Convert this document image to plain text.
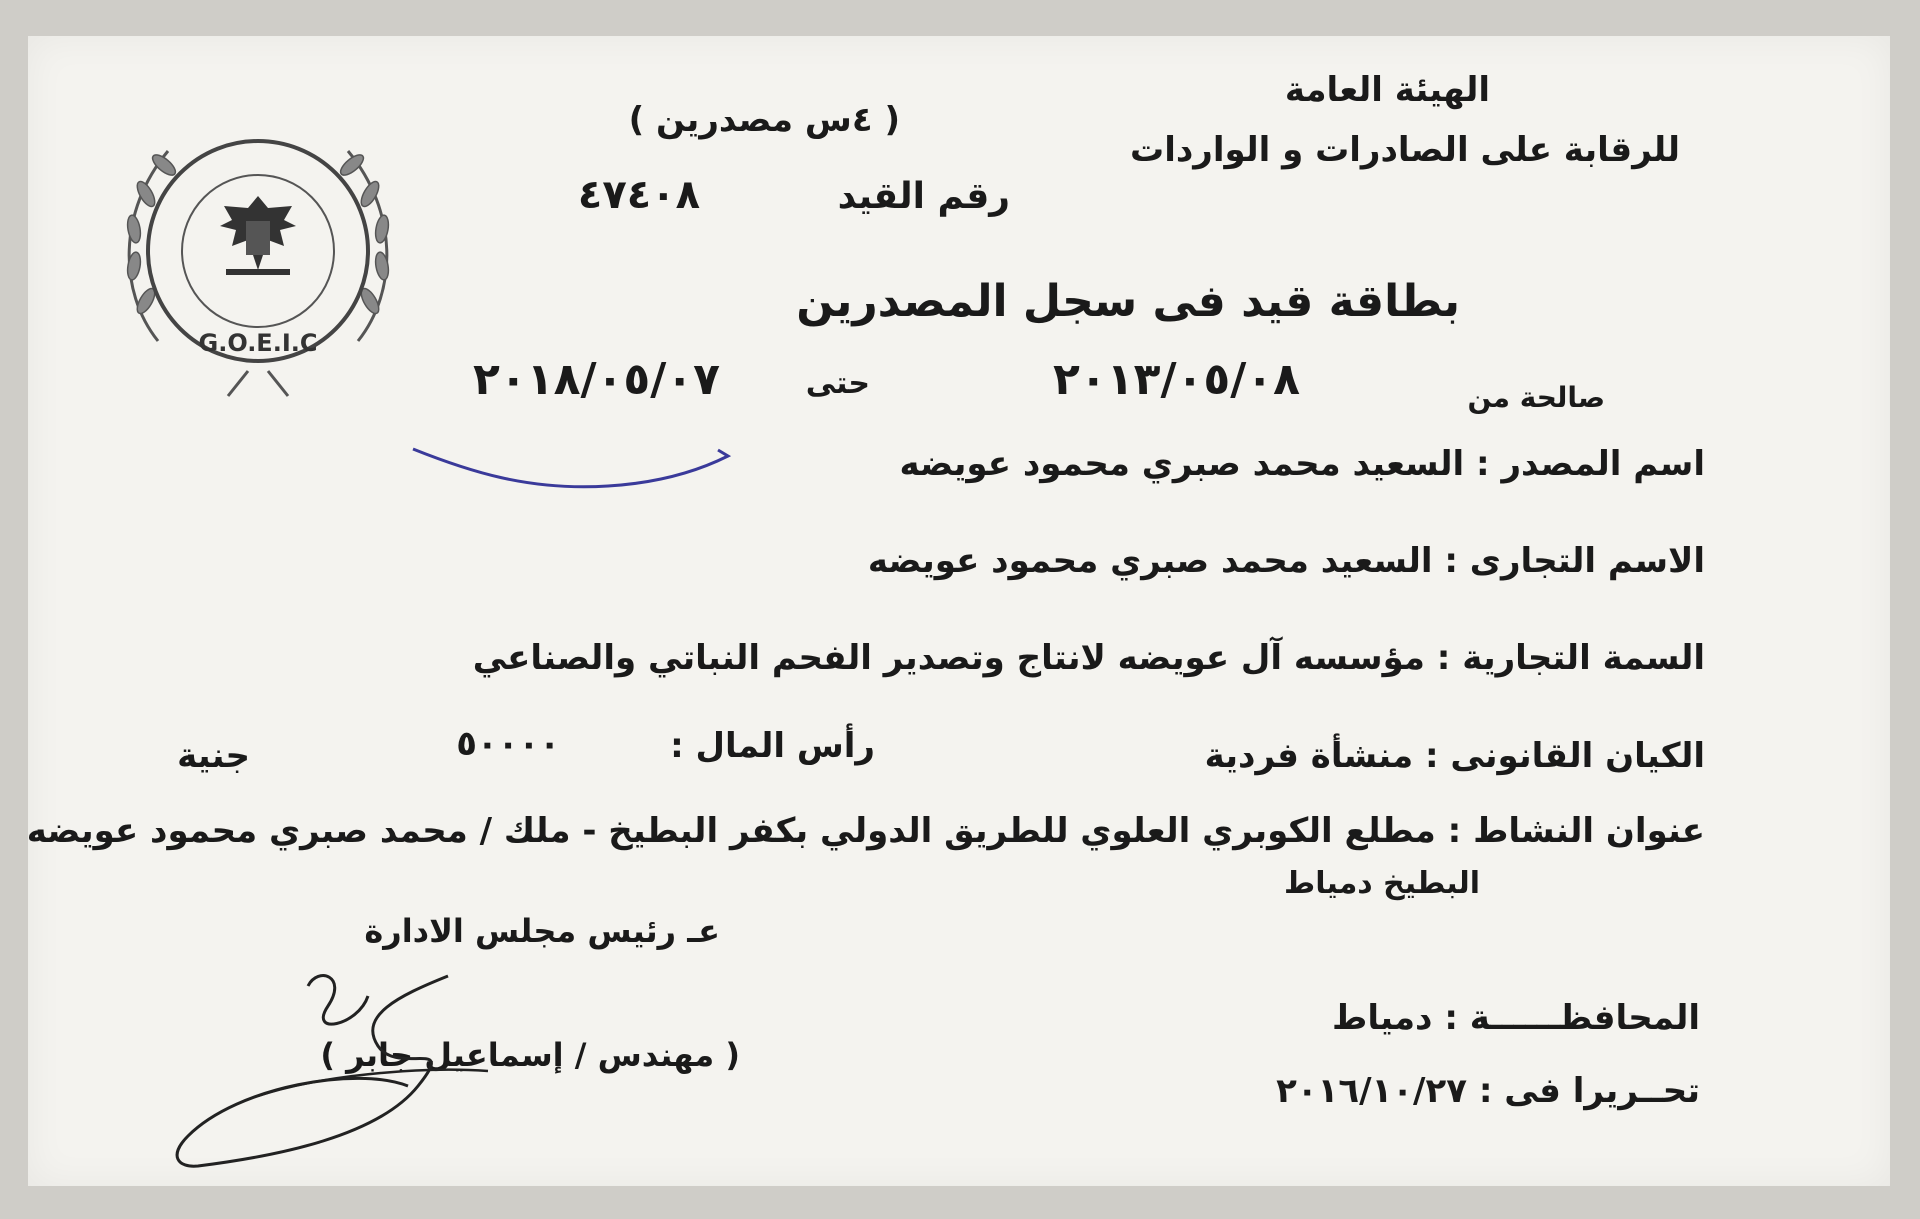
G.O.E.I.C
الهيئة العامة
للرقابة على الصادرات و الواردات
( ٤س مصدرين )
رقم القيد
٤٧٤٠٨
بطاقة قيد فى سجل المصدرين
صالحة من
٢٠١٣/٠٥/٠٨
حتى
٢٠١٨/٠٥/٠٧
اسم المصدر : السعيد محمد صبري محمود عويضه
الاسم التجارى : السعيد محمد صبري محمود عويضه
السمة التجارية : مؤسسه آل عويضه لانتاج وتصدير الفحم النباتي والصناعي
الكيان القانونى : منشأة فردية
رأس المال :
٥٠٠٠٠
جنية
عنوان النشاط : مطلع الكوبري العلوي للطريق الدولي بكفر البطيخ - ملك / محمد صبري محمود عويضه
البطيخ دمياط
المحافظــــــة : دمياط
تحــريرا فى : ٢٠١٦/١٠/٢٧
عـ رئيس مجلس الادارة
( مهندس / إسماعيل جابر )
